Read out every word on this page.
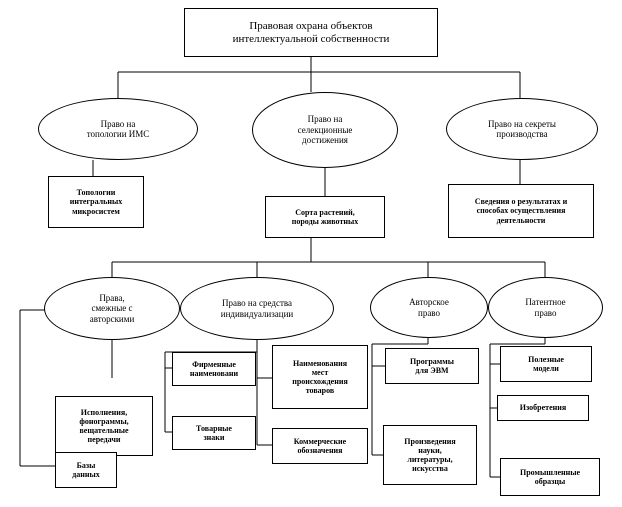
Правовая охрана объектов
интеллектуальной собственности
Право на
топологии ИМС
Право на
селекционные
достижения
Право на секреты
производства
Топологии
интегральных
микросистем	Сорта растений,
породы животных
Сведения о результатах и
способах осуществления
деятельности
Права,
смежные с
авторскими
Право на средства
индивидуализации
Авторское
право
Патентное
право
Исполнения,
фонограммы,
вещательные
передачи
Базы
данных
Фирменные
наименовани
Товарные
знаки
Наименования
мест
происхождения
товаров
Коммерческие
обозначения
Программы
для ЭВМ
Произведения
науки,
литературы,
искусства
Полезные
модели
Изобретения
Промышленные
образцы
